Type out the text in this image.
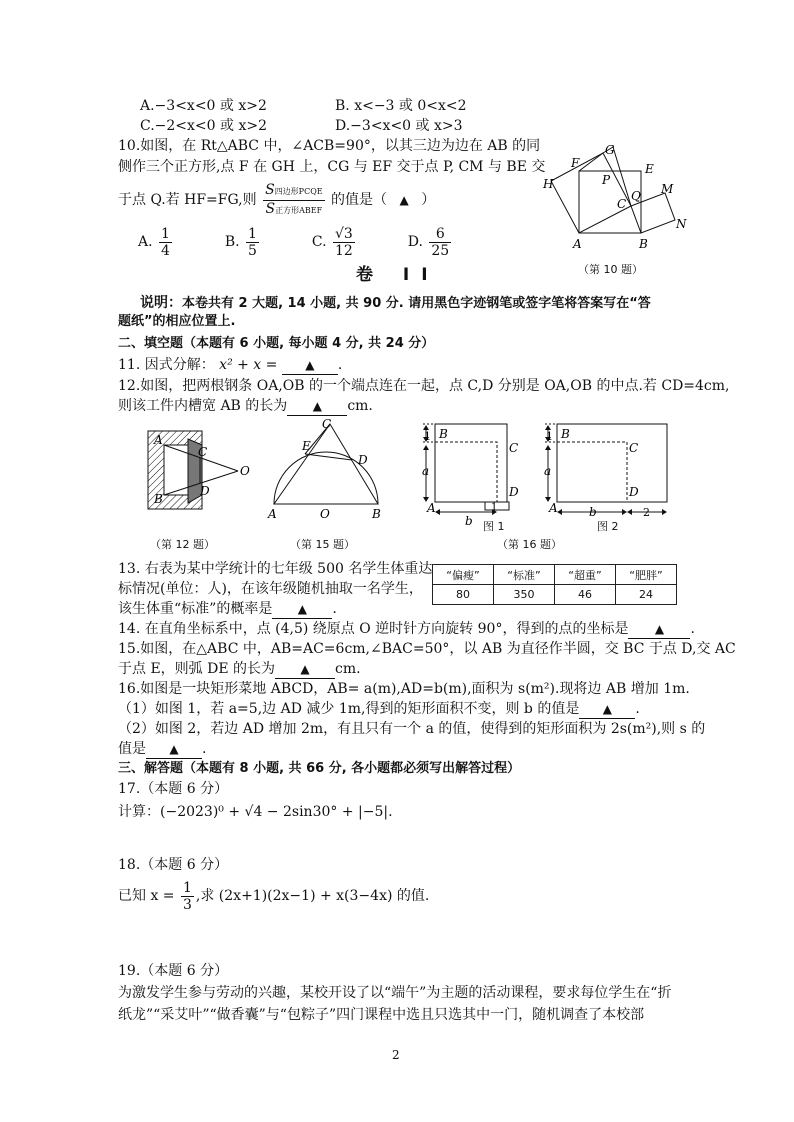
A.−3<x<0 或 x>2	B. x<−3 或 0<x<2
C.−2<x<0 或 x>2	D.−3<x<0 或 x>3
10.如图，在 Rt△ABC 中，∠ACB=90°，以其三边为边在 AB 的同
侧作三个正方形,点 F 在 GH 上，CG 与 EF 交于点 P, CM 与 BE 交
于点 Q.若 HF=FG,则 $\frac{\text{S四边形PCQE}}{\text{S正方形ABEF}}$ 的值是（ ▲ ）
A. $\frac{1}{4}$	B. $\frac{1}{5}$	C. $\frac{√3}{12}$	D. $\frac{6}{25}$
H
F
G
E
P
Q M
C
N
A	B
（第 10 题）
卷 II
说明：本卷共有 2 大题, 14 小题, 共 90 分. 请用黑色字迹钢笔或签字笔将答案写在“答
题纸”的相应位置上.
二、填空题（本题有 6 小题, 每小题 4 分, 共 24 分）
11. 因式分解： x² + x = ▲ .
12.如图，把两根钢条 OA,OB 的一个端点连在一起，点 C,D 分别是 OA,OB 的中点.若 CD=4cm,
则该工件内槽宽 AB 的长为 ▲ cm.
A
B
C
D
O
（第 12 题）
A	O	B
C
D
E
（第 15 题）
1
a
b
1
B
C
D
A
图 1
1
a
b	2
B
C
D
A
图 2
（第 16 题）
13. 右表为某中学统计的七年级 500 名学生体重达
标情况(单位：人)，在该年级随机抽取一名学生，
该生体重“标准”的概率是 ▲ .
“偏瘦”	“标准”	“超重”	“肥胖”
80	350	46	24
14. 在直角坐标系中，点 (4,5) 绕原点 O 逆时针方向旋转 90°，得到的点的坐标是 ▲ .
15.如图，在△ABC 中，AB=AC=6cm,∠BAC=50°，以 AB 为直径作半圆，交 BC 于点 D,交 AC
于点 E，则弧 DE 的长为 ▲ cm.
16.如图是一块矩形菜地 ABCD，AB= a(m),AD=b(m),面积为 s(m²).现将边 AB 增加 1m.
（1）如图 1，若 a=5,边 AD 减少 1m,得到的矩形面积不变，则 b 的值是 ▲ .
（2）如图 2，若边 AD 增加 2m，有且只有一个 a 的值，使得到的矩形面积为 2s(m²),则 s 的
值是 ▲ .
三、解答题（本题有 8 小题, 共 66 分, 各小题都必须写出解答过程）
17.（本题 6 分）
计算：(−2023)⁰ + √4 − 2sin30° + |−5|.
18.（本题 6 分）
已知 $x = \frac{1}{3}$ ,求 (2x+1)(2x−1) + x(3−4x) 的值.
19.（本题 6 分）
为激发学生参与劳动的兴趣，某校开设了以“端午”为主题的活动课程，要求每位学生在“折
纸龙”“采艾叶”“做香囊”与“包粽子”四门课程中选且只选其中一门，随机调查了本校部
2
